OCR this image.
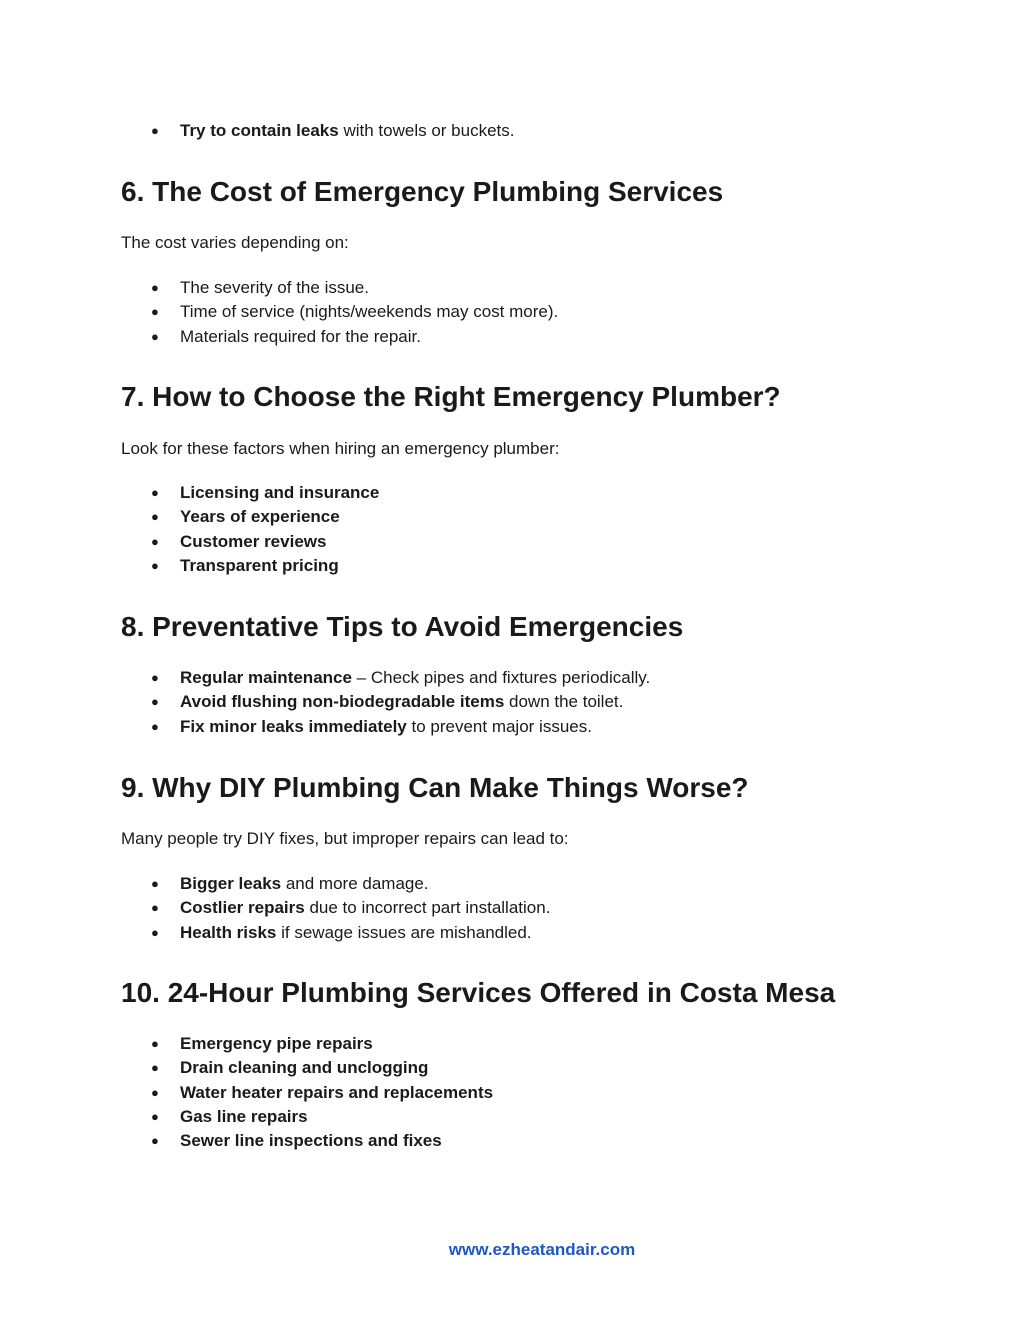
● Try to contain leaks with towels or buckets.
6. The Cost of Emergency Plumbing Services

The cost varies depending on:

● The severity of the issue.
● Time of service (nights/weekends may cost more).
● Materials required for the repair.
7. How to Choose the Right Emergency Plumber?

Look for these factors when hiring an emergency plumber:

● Licensing and insurance
● Years of experience
● Customer reviews
● Transparent pricing
8. Preventative Tips to Avoid Emergencies
● Regular maintenance – Check pipes and fixtures periodically.
● Avoid flushing non-biodegradable items down the toilet.
● Fix minor leaks immediately to prevent major issues.
9. Why DIY Plumbing Can Make Things Worse?

Many people try DIY fixes, but improper repairs can lead to:

● Bigger leaks and more damage.
● Costlier repairs due to incorrect part installation.
● Health risks if sewage issues are mishandled.
10. 24-Hour Plumbing Services Offered in Costa Mesa
● Emergency pipe repairs
● Drain cleaning and unclogging
● Water heater repairs and replacements
● Gas line repairs
● Sewer line inspections and fixes
www.ezheatandair.com
